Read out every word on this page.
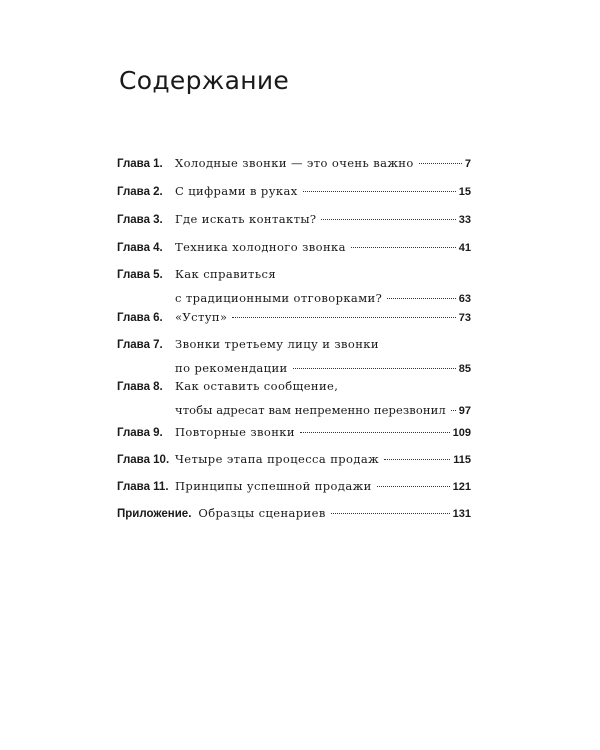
Содержание
Глава 1.	Холодные звонки — это очень важно	7
Глава 2.	С цифрами в руках	15
Глава 3.	Где искать контакты?	33
Глава 4.	Техника холодного звонка	41
Глава 5.	Как справиться
с традиционными отговорками?	63
Глава 6.	«Уступ»	73
Глава 7.	Звонки третьему лицу и звонки
по рекомендации	85
Глава 8.	Как оставить сообщение,
чтобы адресат вам непременно перезвонил 97
Глава 9.	Повторные звонки	109
Глава 10. Четыре этапа процесса продаж	115
Глава 11. Принципы успешной продажи	121
Приложение. Образцы сценариев	131
